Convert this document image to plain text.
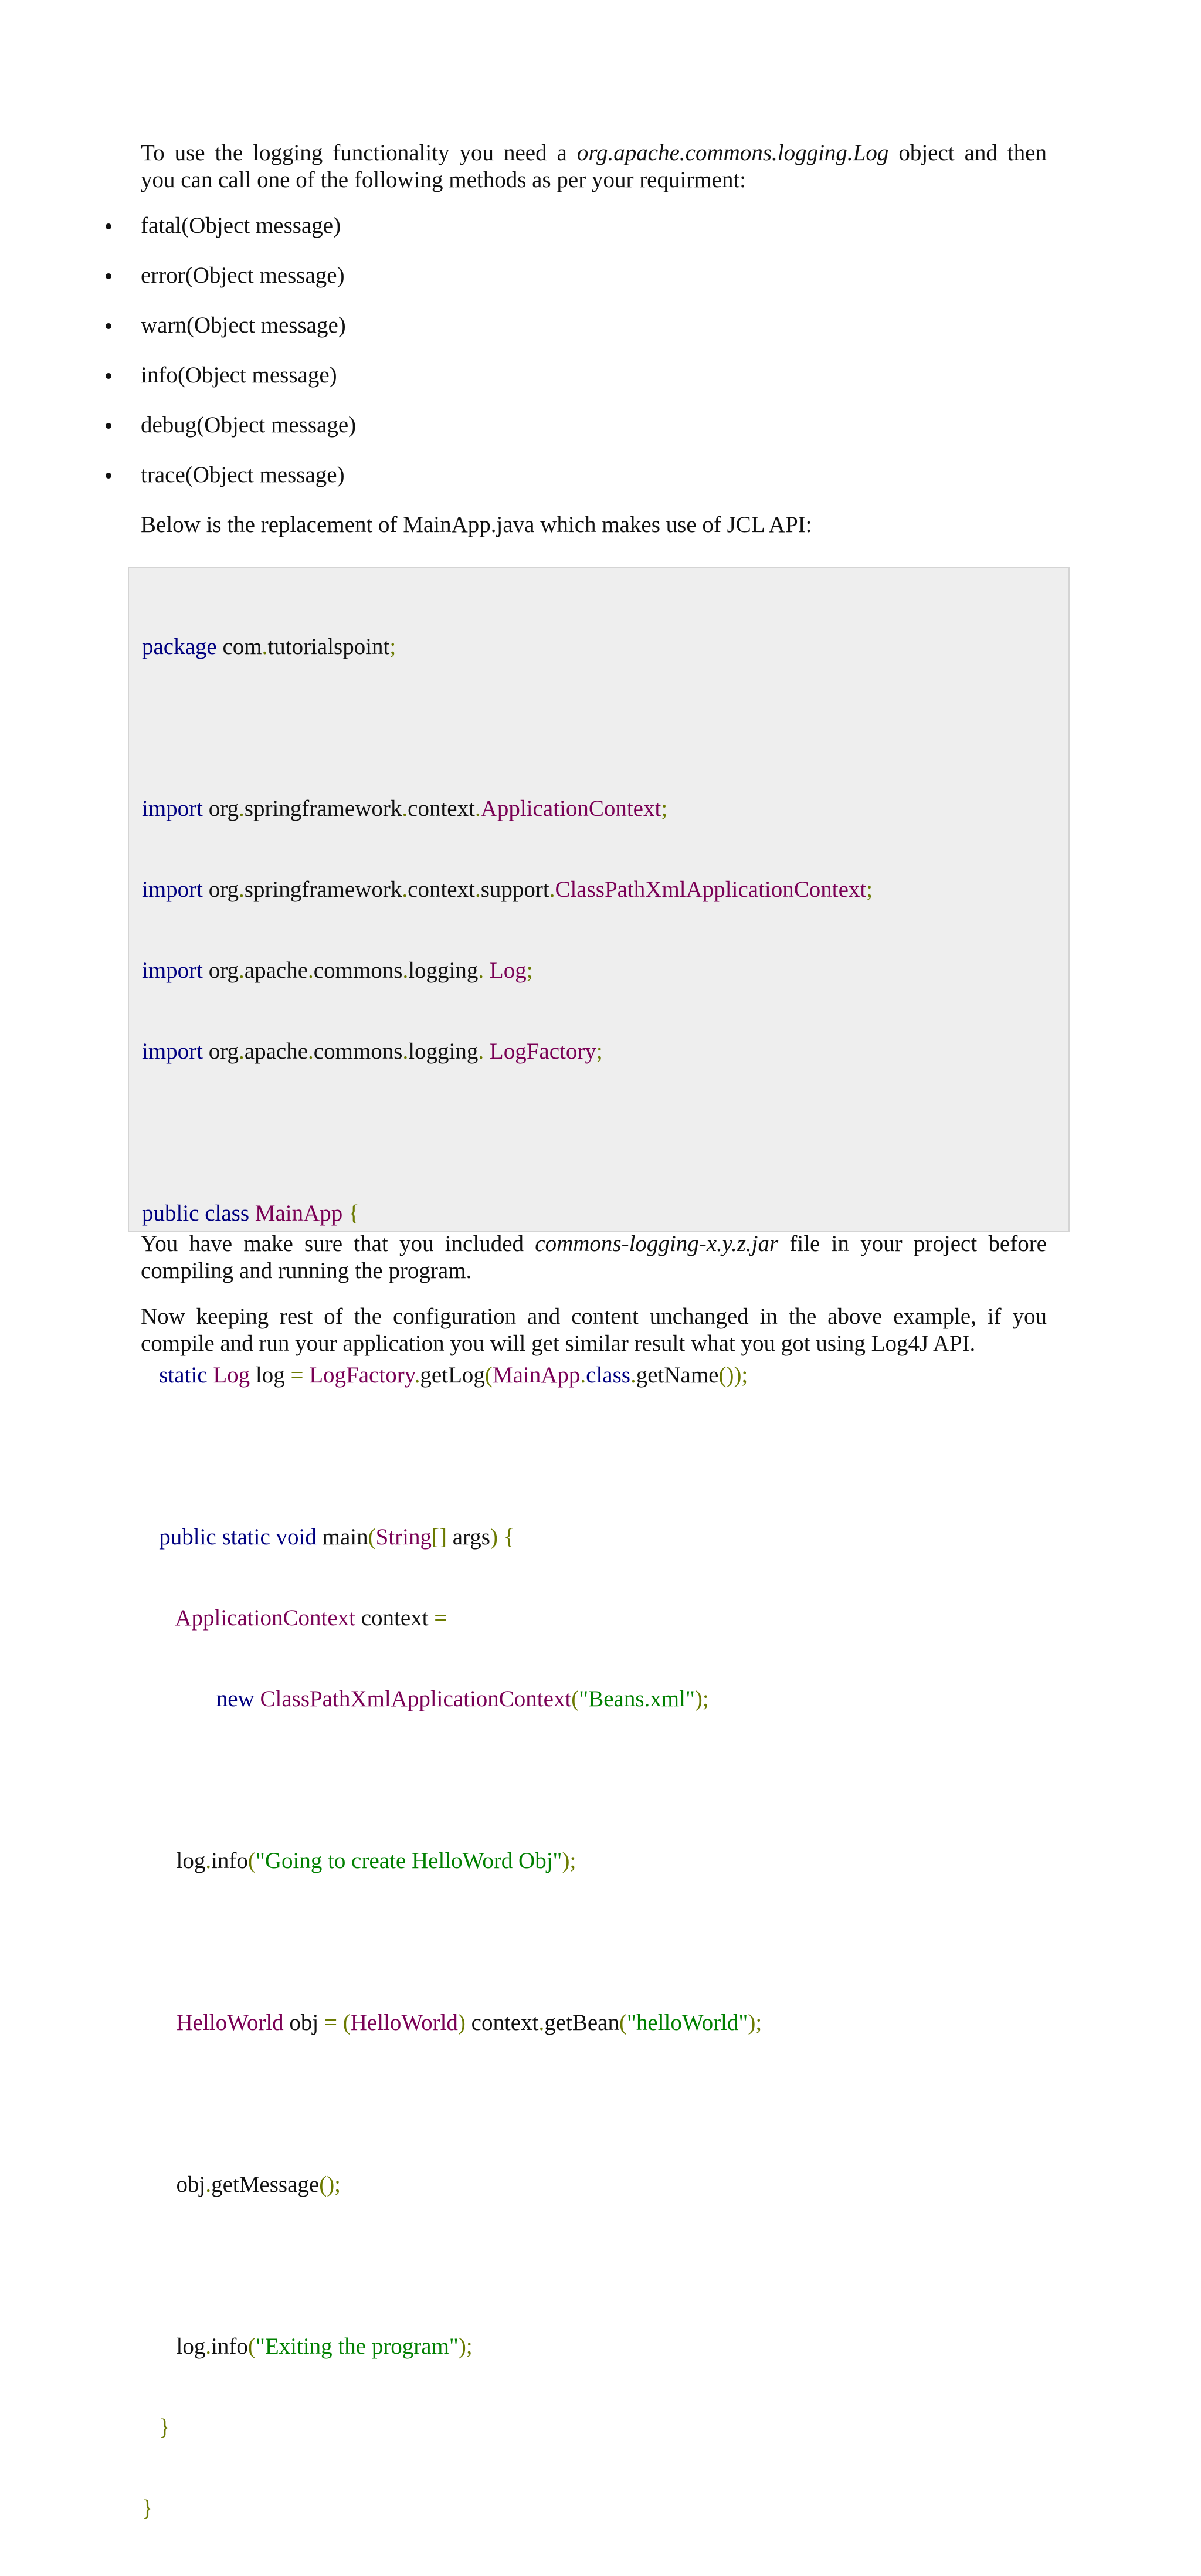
To use the logging functionality you need a org.apache.commons.logging.Log object and then
you can call one of the following methods as per your requirment:
fatal(Object message)
error(Object message)
warn(Object message)
info(Object message)
debug(Object message)
trace(Object message)
Below is the replacement of MainApp.java which makes use of JCL API:

package com.tutorialspoint;

import org.springframework.context.ApplicationContext;

import org.springframework.context.support.ClassPathXmlApplicationContext;

import org.apache.commons.logging. Log;

import org.apache.commons.logging. LogFactory;

public class MainApp {

static Log log = LogFactory.getLog(MainApp.class.getName());

public static void main(String[] args) {

ApplicationContext context =

new ClassPathXmlApplicationContext("Beans.xml");

log.info("Going to create HelloWord Obj");

HelloWorld obj = (HelloWorld) context.getBean("helloWorld");

obj.getMessage();

log.info("Exiting the program");

}

}

You have make sure that you included commons-logging-x.y.z.jar file in your project before
compiling and running the program.
Now keeping rest of the configuration and content unchanged in the above example, if you
compile and run your application you will get similar result what you got using Log4J API.
